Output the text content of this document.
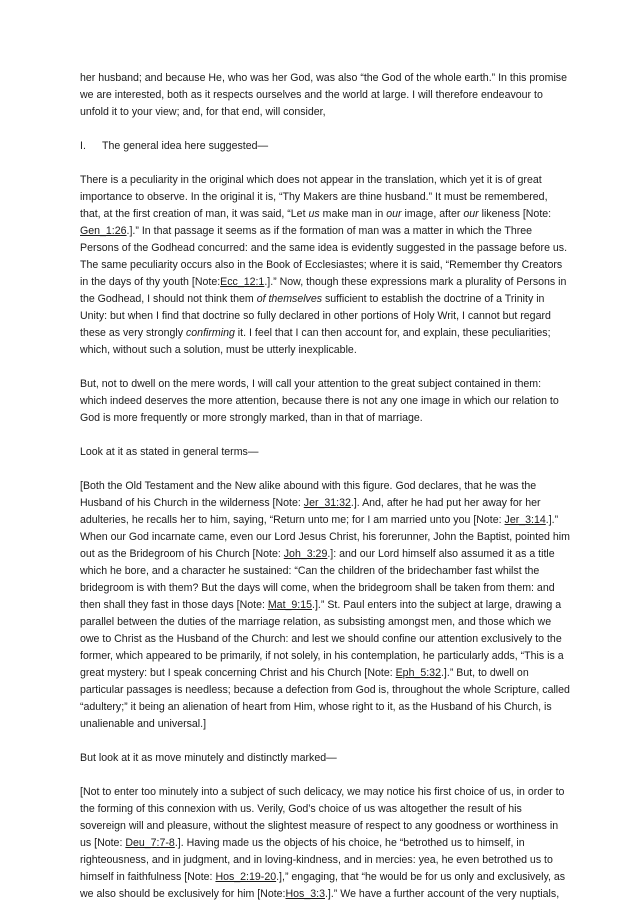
her husband; and because He, who was her God, was also “the God of the whole earth.” In this promise we are interested, both as it respects ourselves and the world at large. I will therefore endeavour to unfold it to your view; and, for that end, will consider,

I.	The general idea here suggested—

There is a peculiarity in the original which does not appear in the translation, which yet it is of great importance to observe. In the original it is, “Thy Makers are thine husband.” It must be remembered, that, at the first creation of man, it was said, “Let us make man in our image, after our likeness [Note: Gen_1:26.].” In that passage it seems as if the formation of man was a matter in which the Three Persons of the Godhead concurred: and the same idea is evidently suggested in the passage before us. The same peculiarity occurs also in the Book of Ecclesiastes; where it is said, “Remember thy Creators in the days of thy youth [Note:Ecc_12:1.].” Now, though these expressions mark a plurality of Persons in the Godhead, I should not think them of themselves sufficient to establish the doctrine of a Trinity in Unity: but when I find that doctrine so fully declared in other portions of Holy Writ, I cannot but regard these as very strongly confirming it. I feel that I can then account for, and explain, these peculiarities; which, without such a solution, must be utterly inexplicable.

But, not to dwell on the mere words, I will call your attention to the great subject contained in them: which indeed deserves the more attention, because there is not any one image in which our relation to God is more frequently or more strongly marked, than in that of marriage.

Look at it as stated in general terms—

[Both the Old Testament and the New alike abound with this figure. God declares, that he was the Husband of his Church in the wilderness [Note: Jer_31:32.]. And, after he had put her away for her adulteries, he recalls her to him, saying, “Return unto me; for I am married unto you [Note: Jer_3:14.].” When our God incarnate came, even our Lord Jesus Christ, his forerunner, John the Baptist, pointed him out as the Bridegroom of his Church [Note: Joh_3:29.]: and our Lord himself also assumed it as a title which he bore, and a character he sustained: “Can the children of the bridechamber fast whilst the bridegroom is with them? But the days will come, when the bridegroom shall be taken from them: and then shall they fast in those days [Note: Mat_9:15.].” St. Paul enters into the subject at large, drawing a parallel between the duties of the marriage relation, as subsisting amongst men, and those which we owe to Christ as the Husband of the Church: and lest we should confine our attention exclusively to the former, which appeared to be primarily, if not solely, in his contemplation, he particularly adds, “This is a great mystery: but I speak concerning Christ and his Church [Note: Eph_5:32.].” But, to dwell on particular passages is needless; because a defection from God is, throughout the whole Scripture, called “adultery;” it being an alienation of heart from Him, whose right to it, as the Husband of his Church, is unalienable and universal.]

But look at it as move minutely and distinctly marked—

[Not to enter too minutely into a subject of such delicacy, we may notice his first choice of us, in order to the forming of this connexion with us. Verily, God’s choice of us was altogether the result of his sovereign will and pleasure, without the slightest measure of respect to any goodness or worthiness in us [Note: Deu_7:7-8.]. Having made us the objects of his choice, he “betrothed us to himself, in righteousness, and in judgment, and in loving-kindness, and in mercies: yea, he even betrothed us to himself in faithfulness [Note: Hos_2:19-20.],” engaging, that “he would be for us only and exclusively, as we also should be exclusively for him [Note:Hos_3:3.].” We have a further account of the very nuptials,
